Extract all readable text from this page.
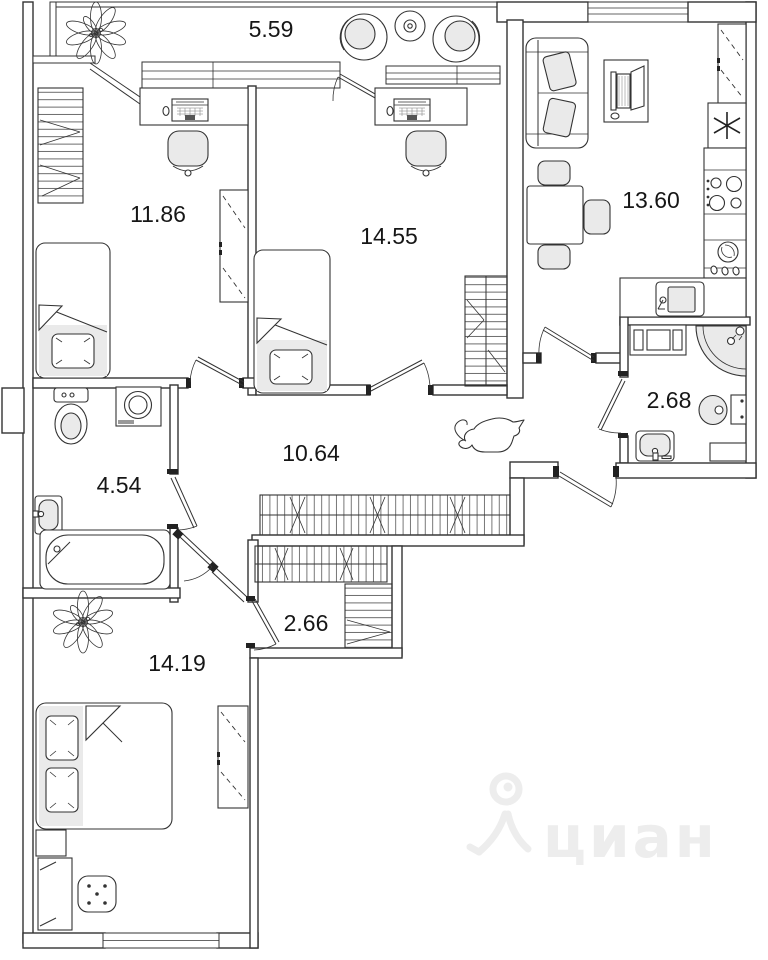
5.59
11.86
14.55
13.60
10.64
2.68
4.54
2.66
14.19
циан
